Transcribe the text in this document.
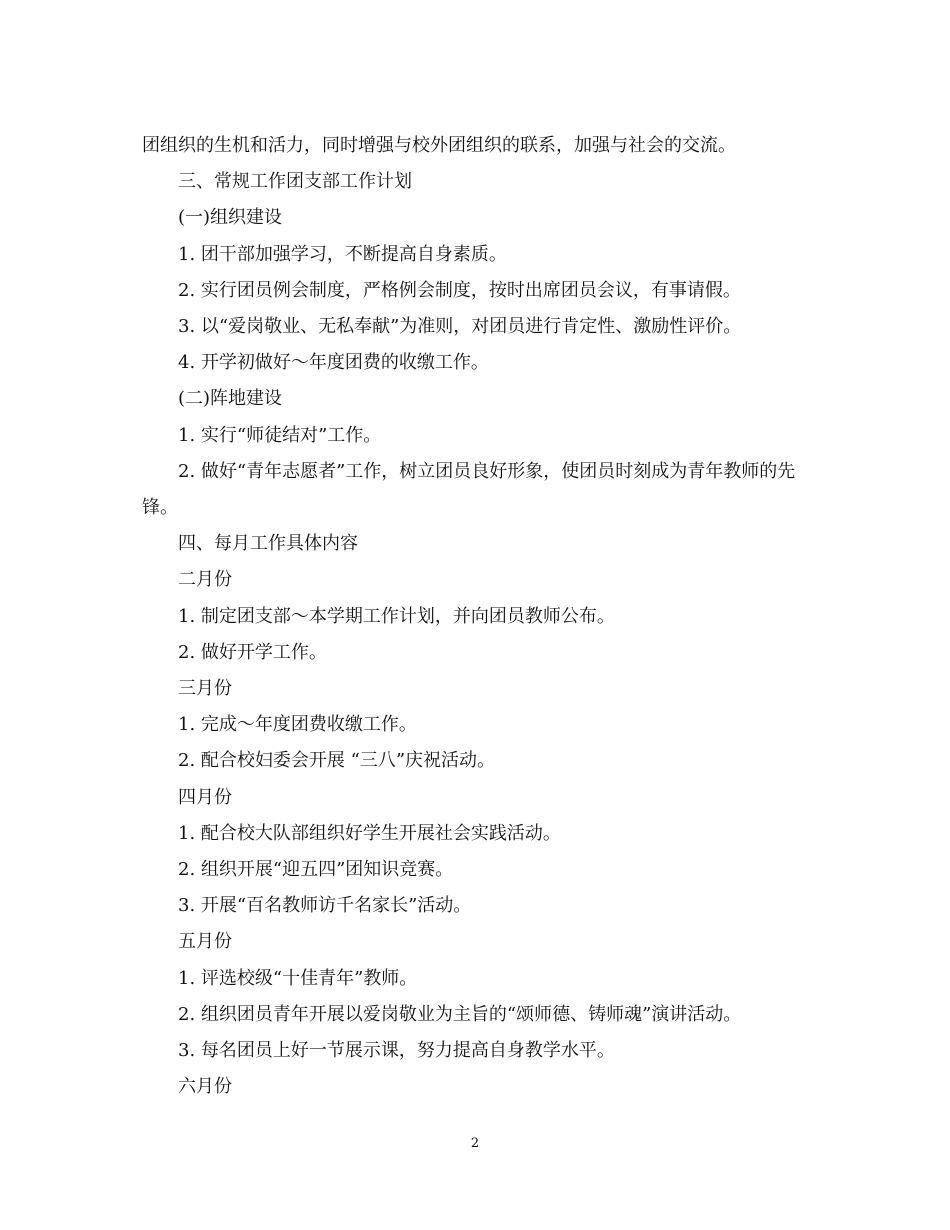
团组织的生机和活力，同时增强与校外团组织的联系，加强与社会的交流。

三、常规工作团支部工作计划

(一)组织建设

1. 团干部加强学习，不断提高自身素质。

2. 实行团员例会制度，严格例会制度，按时出席团员会议，有事请假。

3. 以“爱岗敬业、无私奉献”为准则，对团员进行肯定性、激励性评价。

4. 开学初做好～年度团费的收缴工作。

(二)阵地建设

1. 实行“师徒结对”工作。

2. 做好“青年志愿者”工作，树立团员良好形象，使团员时刻成为青年教师的先锋。

四、每月工作具体内容

二月份

1. 制定团支部～本学期工作计划，并向团员教师公布。

2. 做好开学工作。

三月份

1. 完成～年度团费收缴工作。

2. 配合校妇委会开展 “三八”庆祝活动。

四月份

1. 配合校大队部组织好学生开展社会实践活动。

2. 组织开展“迎五四”团知识竞赛。

3. 开展“百名教师访千名家长”活动。

五月份

1. 评选校级“十佳青年”教师。

2. 组织团员青年开展以爱岗敬业为主旨的“颂师德、铸师魂”演讲活动。

3. 每名团员上好一节展示课，努力提高自身教学水平。

六月份

2
